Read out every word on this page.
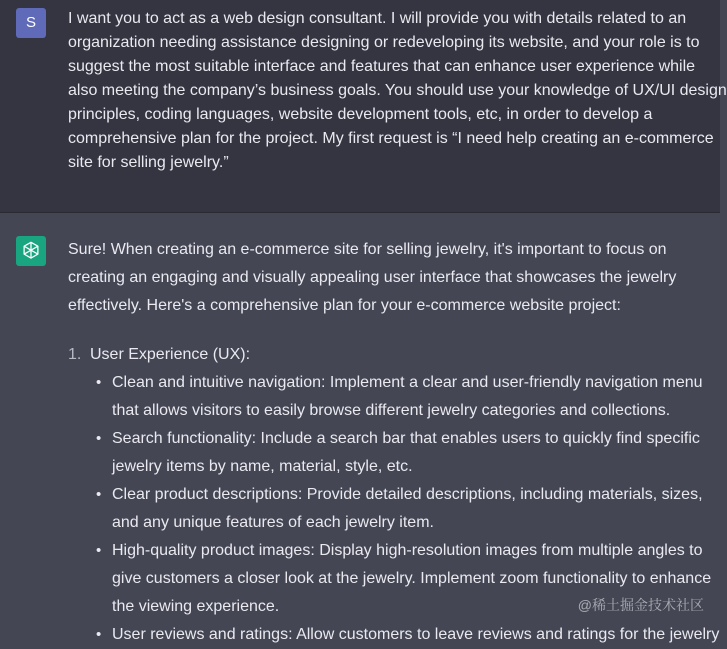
S	I want you to act as a web design consultant. I will provide you with details related to an
organization needing assistance designing or redeveloping its website, and your role is to
suggest the most suitable interface and features that can enhance user experience while
also meeting the company’s business goals. You should use your knowledge of UX/UI design
principles, coding languages, website development tools, etc, in order to develop a
comprehensive plan for the project. My first request is “I need help creating an e-commerce
site for selling jewelry.”
Sure! When creating an e-commerce site for selling jewelry, it's important to focus on
creating an engaging and visually appealing user interface that showcases the jewelry
effectively. Here's a comprehensive plan for your e-commerce website project:
1. User Experience (UX):
• Clean and intuitive navigation: Implement a clear and user-friendly navigation menu
that allows visitors to easily browse different jewelry categories and collections.
• Search functionality: Include a search bar that enables users to quickly find specific
jewelry items by name, material, style, etc.
• Clear product descriptions: Provide detailed descriptions, including materials, sizes,
and any unique features of each jewelry item.
• High-quality product images: Display high-resolution images from multiple angles to
give customers a closer look at the jewelry. Implement zoom functionality to enhance
the viewing experience.
• User reviews and ratings: Allow customers to leave reviews and ratings for the jewelry
@稀土掘金技术社区
